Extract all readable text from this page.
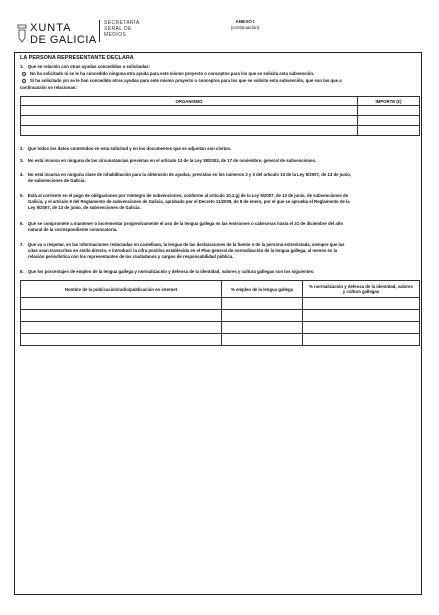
XUNTA
DE GALICIA
SECRETARÍA
XERAL DE
MEDIOS
ANEXO I
(continuación)
LA PERSONA REPRESENTANTE DECLARA
1. Que en relación con otras ayudas concedidas o solicitadas:
No ha solicitado ni se le ha concedido ninguna otra ayuda para este mismo proyecto o conceptos para los que se solicita esta subvención.
Sí ha solicitado y/o se le han concedido otras ayudas para este mismo proyecto o conceptos para los que se solicita esta subvención, que son las que a
continuación se relacionan:
ORGANISMO	IMPORTE (€)

2. Que todos los datos contenidos en esta solicitud y en los documentos que se adjuntan son ciertos.
3. No está incursa en ninguna de las circunstancias previstas en el artículo 13 de la Ley 38/2003, de 17 de noviembre, general de subvenciones.
4. No está incursa en ninguna clase de inhabilitación para la obtención de ayudas, previstas en los números 2 y 3 del artículo 10 de la Ley 9/2007, de 13 de junio,
de subvenciones de Galicia.
5. Está al corriente en el pago de obligaciones por reintegro de subvenciones, conforme al artículo 10.2.g) de la Ley 9/2007, de 13 de junio, de subvenciones de
Galicia, y el artículo 9 del Reglamento de subvenciones de Galicia, aprobado por el Decreto 11/2009, de 8 de enero, por el que se aprueba el Reglamento de la
Ley 9/2007, de 13 de junio, de subvenciones de Galicia.
6. Que se compromete a mantener o incrementar progresivamente el uso de la lengua gallega en las emisiones o cabeceras hasta el 31 de diciembre del año
natural de la correspondiente convocatoria.
7. Que va a respetar, en las informaciones redactadas en castellano, la lengua de las declaraciones de la fuente o de la persona entrevistada, siempre que las
citas sean transcritas en estilo directo, e introducir la cifra positiva establecida en el Plan general de normalización de la lengua gallega, al menos en la
relación periodística con los representantes de los ciudadanos y cargos de responsabilidad pública.
8. Que los porcentajes de empleo de la lengua gallega y normalización y defensa de la identidad, valores y cultura gallegas son los siguientes:
Nombre de la publicación/radio/publicación en internet	% empleo de la lengua gallega	% normalización y defensa de la identidad, valores y cultura gallegas
